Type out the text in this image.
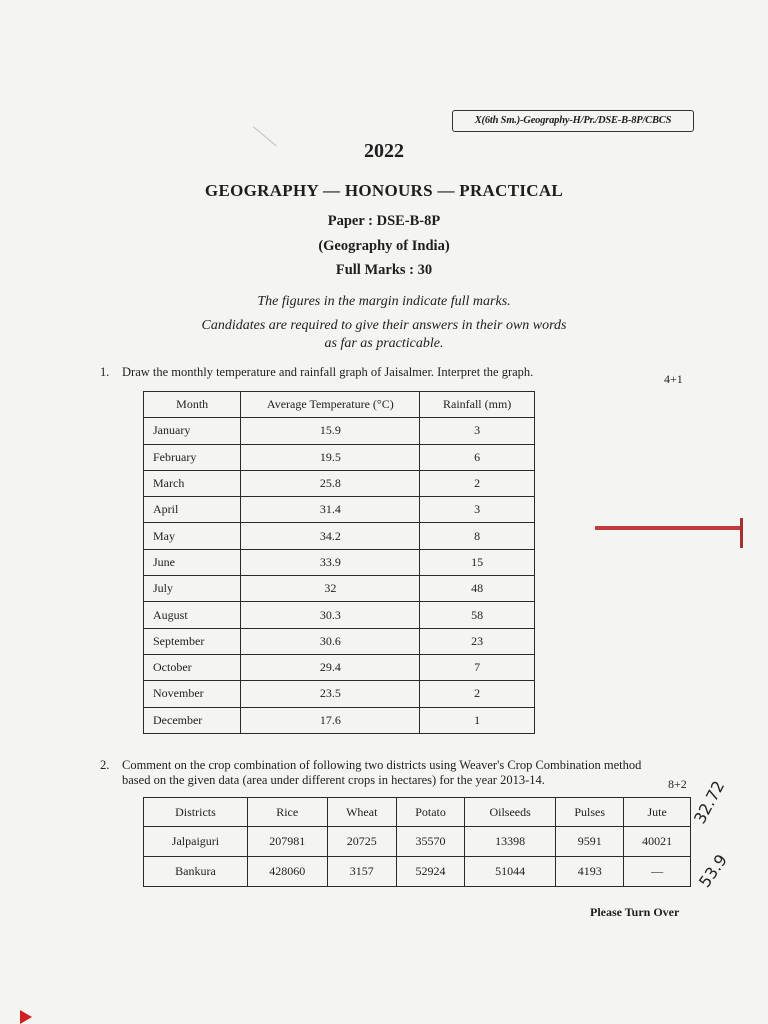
X(6th Sm.)-Geography-H/Pr./DSE-B-8P/CBCS
2022
GEOGRAPHY — HONOURS — PRACTICAL
Paper : DSE-B-8P
(Geography of India)
Full Marks : 30
The figures in the margin indicate full marks.
Candidates are required to give their answers in their own words
as far as practicable.
1. Draw the monthly temperature and rainfall graph of Jaisalmer. Interpret the graph.	4+1
Month	Average Temperature (°C)	Rainfall (mm)
January	15.9	3
February	19.5	6
March	25.8	2
April	31.4	3
May	34.2	8
June	33.9	15
July	32	48
August	30.3	58
September	30.6	23
October	29.4	7
November	23.5	2
December	17.6	1
2. Comment on the crop combination of following two districts using Weaver's Crop Combination method
based on the given data (area under different crops in hectares) for the year 2013-14.	8+2
Districts	Rice	Wheat	Potato	Oilseeds	Pulses	Jute
Jalpaiguri	207981	20725	35570	13398	9591	40021
Bankura	428060	3157	52924	51044	4193	—
32.72
53.9
Please Turn Over
